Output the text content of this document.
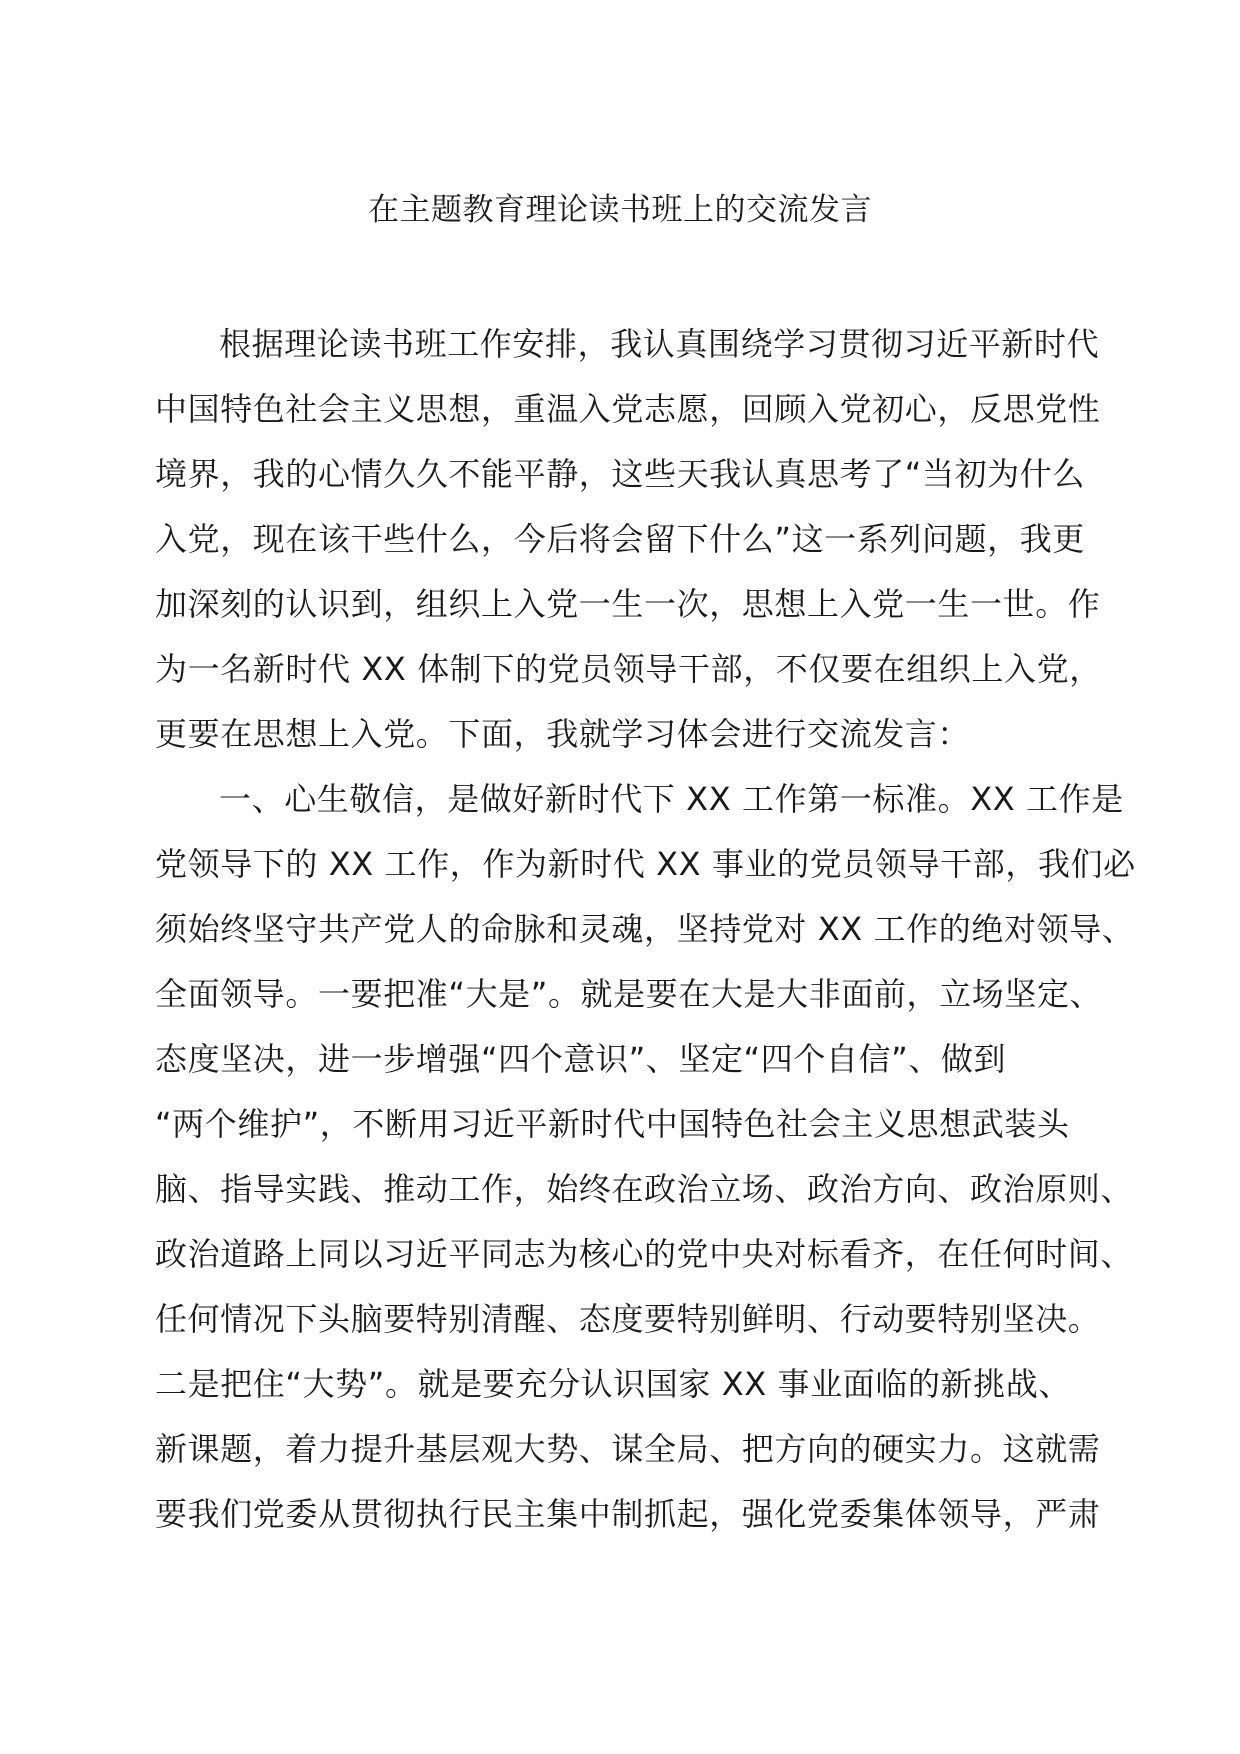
在主题教育理论读书班上的交流发言
根据理论读书班工作安排，我认真围绕学习贯彻习近平新时代
中国特色社会主义思想，重温入党志愿，回顾入党初心，反思党性
境界，我的心情久久不能平静，这些天我认真思考了“当初为什么
入党，现在该干些什么，今后将会留下什么”这一系列问题，我更
加深刻的认识到，组织上入党一生一次，思想上入党一生一世。作
为一名新时代 XX 体制下的党员领导干部，不仅要在组织上入党，
更要在思想上入党。下面，我就学习体会进行交流发言：
一、心生敬信，是做好新时代下 XX 工作第一标准。XX 工作是
党领导下的 XX 工作，作为新时代 XX 事业的党员领导干部，我们必
须始终坚守共产党人的命脉和灵魂，坚持党对 XX 工作的绝对领导、
全面领导。一要把准“大是”。就是要在大是大非面前，立场坚定、
态度坚决，进一步增强“四个意识”、坚定“四个自信”、做到
“两个维护”，不断用习近平新时代中国特色社会主义思想武装头
脑、指导实践、推动工作，始终在政治立场、政治方向、政治原则、
政治道路上同以习近平同志为核心的党中央对标看齐，在任何时间、
任何情况下头脑要特别清醒、态度要特别鲜明、行动要特别坚决。
二是把住“大势”。就是要充分认识国家 XX 事业面临的新挑战、
新课题，着力提升基层观大势、谋全局、把方向的硬实力。这就需
要我们党委从贯彻执行民主集中制抓起，强化党委集体领导，严肃
